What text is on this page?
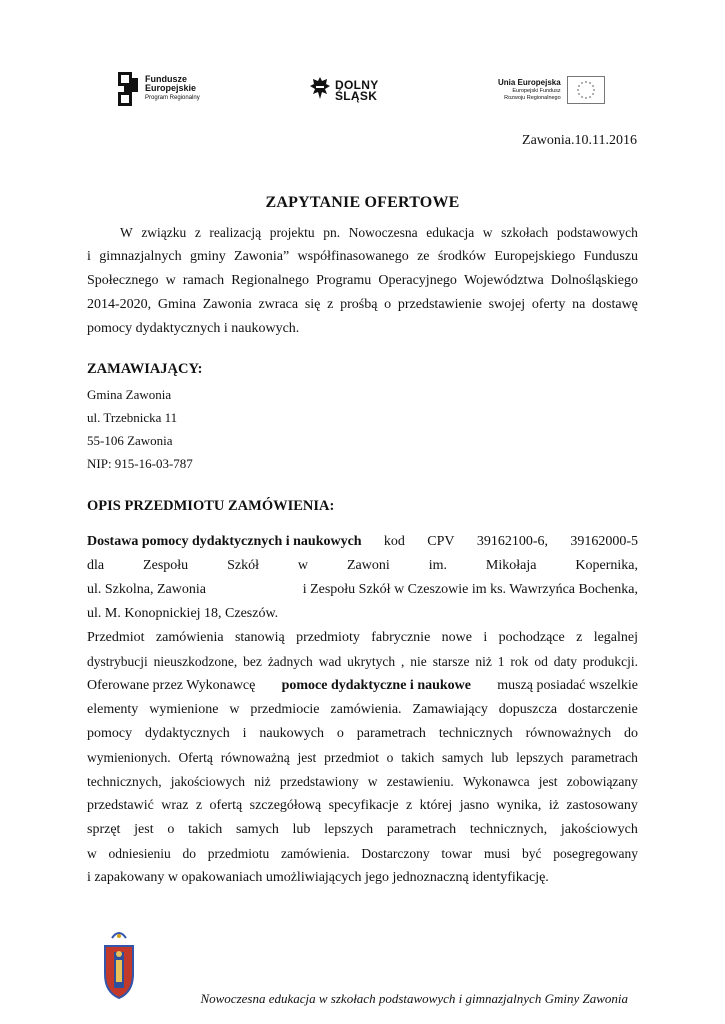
Fundusze
Europejskie
Program Regionalny
DOLNY
ŚLĄSK
Unia Europejska
Europejski Fundusz
Rozwoju Regionalnego
Zawonia.10.11.2016
ZAPYTANIE OFERTOWE
W związku z realizacją projektu pn. Nowoczesna edukacja w szkołach podstawowych
i gimnazjalnych gminy Zawonia” współfinasowanego ze środków Europejskiego Funduszu
Społecznego w ramach Regionalnego Programu Operacyjnego Województwa Dolnośląskiego
2014-2020, Gmina Zawonia zwraca się z prośbą o przedstawienie swojej oferty na dostawę
pomocy dydaktycznych i naukowych.
ZAMAWIAJĄCY:
Gmina Zawonia
ul. Trzebnicka 11
55-106 Zawonia
NIP: 915-16-03-787
OPIS PRZEDMIOTU ZAMÓWIENIA:
Dostawa pomocy dydaktycznych i naukowych kod CPV 39162100-6, 39162000-5
dla	Zespołu	Szkół	w	Zawoni	im.	Mikołaja	Kopernika,
ul. Szkolna, Zawonia	i Zespołu Szkół w Czeszowie im ks. Wawrzyńca Bochenka,
ul. M. Konopnickiej 18, Czeszów.
Przedmiot zamówienia stanowią przedmioty fabrycznie nowe i pochodzące z legalnej
dystrybucji nieuszkodzone, bez żadnych wad ukrytych , nie starsze niż 1 rok od daty produkcji.
Oferowane przez Wykonawcę pomoce dydaktyczne i naukowe muszą posiadać wszelkie
elementy wymienione w przedmiocie zamówienia. Zamawiający dopuszcza dostarczenie
pomocy dydaktycznych i naukowych o parametrach technicznych równoważnych do
wymienionych. Ofertą równoważną jest przedmiot o takich samych lub lepszych parametrach
technicznych, jakościowych niż przedstawiony w zestawieniu. Wykonawca jest zobowiązany
przedstawić wraz z ofertą szczegółową specyfikacje z której jasno wynika, iż zastosowany
sprzęt jest o takich samych lub lepszych parametrach technicznych, jakościowych
w odniesieniu do przedmiotu zamówienia. Dostarczony towar musi być posegregowany
i zapakowany w opakowaniach umożliwiających jego jednoznaczną identyfikację.
Nowoczesna edukacja w szkołach podstawowych i gimnazjalnych Gminy Zawonia
